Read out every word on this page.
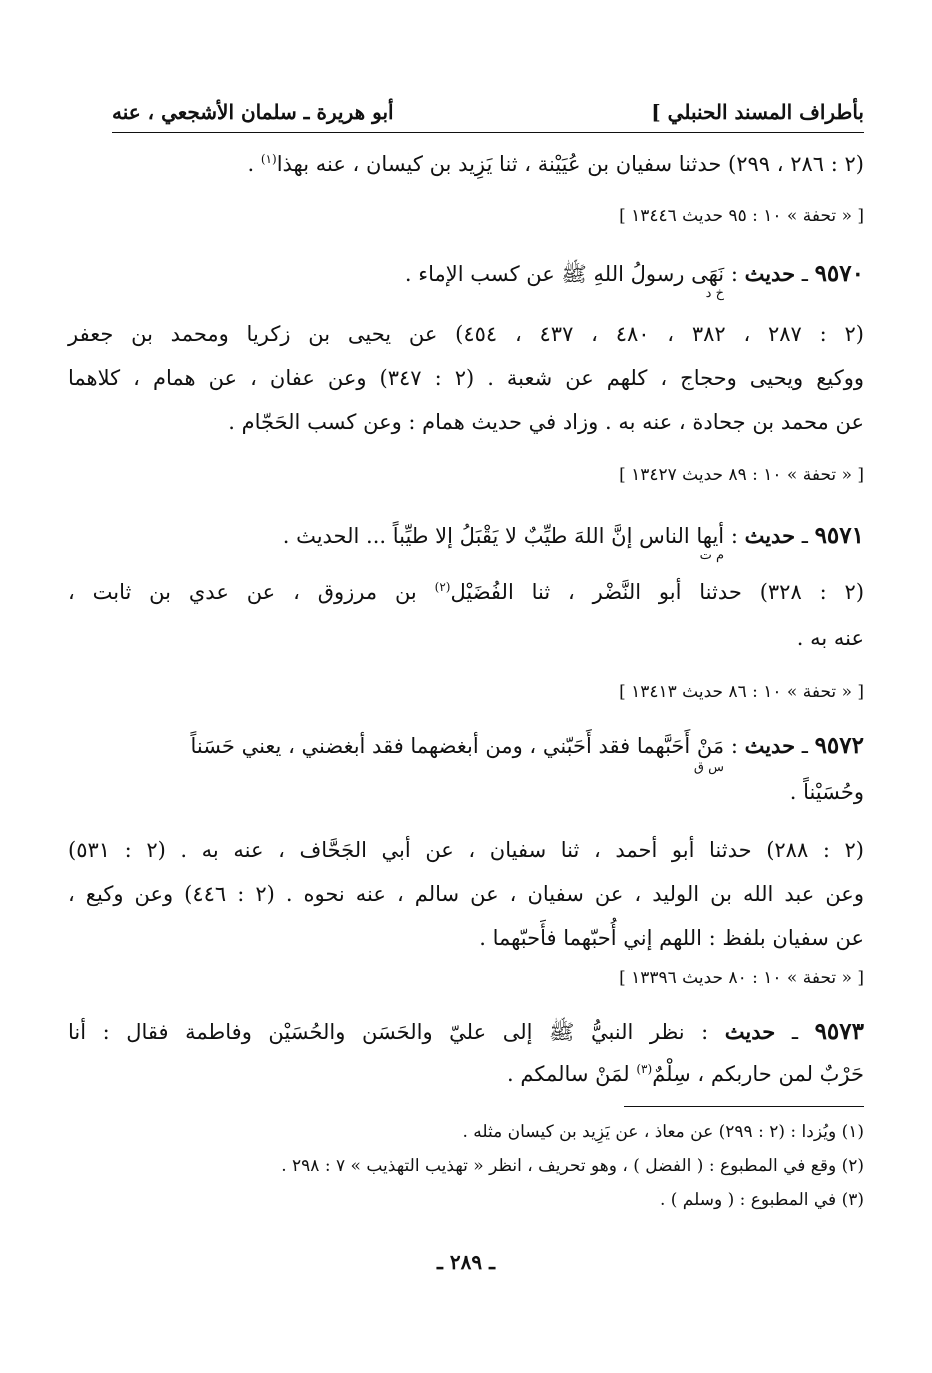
بأطراف المسند الحنبلي ]
أبو هريرة ـ سلمان الأشجعي ، عنه
(٢ : ٢٨٦ ، ٢٩٩) حدثنا سفيان بن عُيَيْنة ، ثنا يَزِيد بن كيسان ، عنه بهذا$^{(١)}$ .
[ « تحفة » ١٠ : ٩٥ حديث ١٣٤٤٦ ]
٩٥٧٠ ـ حديث : نَهَى رسولُ اللهِ ﷺ عن كسب الإماء .
خ د
(٢ : ٢٨٧ ، ٣٨٢ ، ٤٨٠ ، ٤٣٧ ، ٤٥٤) عن يحيى بن زكريا ومحمد بن جعفر
ووكيع ويحيى وحجاج ، كلهم عن شعبة . (٢ : ٣٤٧) وعن عفان ، عن همام ، كلاهما
عن محمد بن جحادة ، عنه به . وزاد في حديث همام : وعن كسب الحَجّام .
[ « تحفة » ١٠ : ٨٩ حديث ١٣٤٢٧ ]
٩٥٧١ ـ حديث : أيها الناس إنَّ اللهَ طيِّبٌ لا يَقْبَلُ إلا طيِّباً ... الحديث .
م ت
(٢ : ٣٢٨) حدثنا أبو النَّضْر ، ثنا الفُضَيْل$^{(٢)}$ بن مرزوق ، عن عدي بن ثابت ،
عنه به .
[ « تحفة » ١٠ : ٨٦ حديث ١٣٤١٣ ]
٩٥٧٢ ـ حديث : مَنْ أَحَبَّهما فقد أَحَبّني ، ومن أبغضهما فقد أبغضني ، يعني حَسَناً
س ق
وحُسَيْناً .
(٢ : ٢٨٨) حدثنا أبو أحمد ، ثنا سفيان ، عن أبي الجَحَّاف ، عنه به . (٢ : ٥٣١)
وعن عبد الله بن الوليد ، عن سفيان ، عن سالم ، عنه نحوه . (٢ : ٤٤٦) وعن وكيع ،
عن سفيان بلفظ : اللهم إني أُحبّهما فأَحبّهما .
[ « تحفة » ١٠ : ٨٠ حديث ١٣٣٩٦ ]
٩٥٧٣ ـ حديث : نظر النبيُّ ﷺ إلى عليّ والحَسَن والحُسَيْن وفاطمة فقال : أنا
حَرْبٌ لمن حاربكم ، سِلْمٌ$^{(٣)}$ لمَنْ سالمكم .
(١) ويُزدا : (٢ : ٢٩٩) عن معاذ ، عن يَزِيد بن كيسان مثله .
(٢) وقع في المطبوع : ( الفضل ) ، وهو تحريف ، انظر « تهذيب التهذيب » ٧ : ٢٩٨ .
(٣) في المطبوع : ( وسلم ) .
ـ ٢٨٩ ـ
